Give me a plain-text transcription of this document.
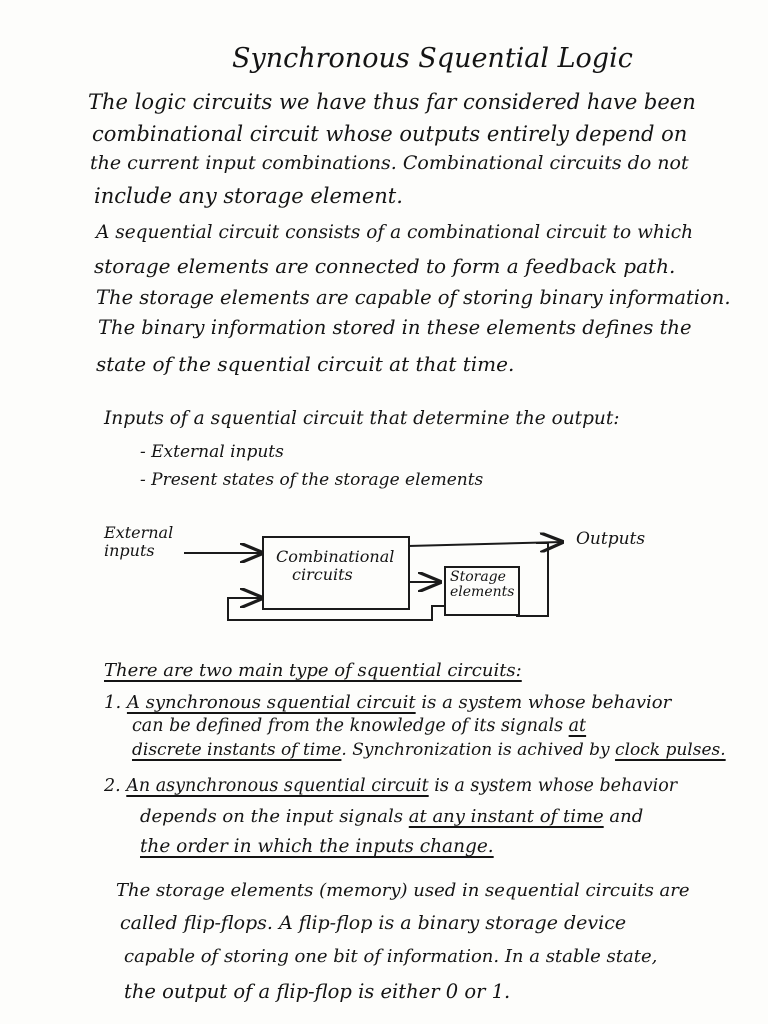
Synchronous Squential Logic
The logic circuits we have thus far considered have been
combinational circuit whose outputs entirely depend on
the current input combinations. Combinational circuits do not
include any storage element.
A sequential circuit consists of a combinational circuit to which
storage elements are connected to form a feedback path.
The storage elements are capable of storing binary information.
The binary information stored in these elements defines the
state of the squential circuit at that time.
Inputs of a squential circuit that determine the output:
- External inputs
- Present states of the storage elements
External
inputs	Combinational
circuits	Storage
elements
Outputs
There are two main type of squential circuits:
1. A synchronous squential circuit is a system whose behavior
can be defined from the knowledge of its signals at
discrete instants of time. Synchronization is achived by clock pulses.
2. An asynchronous squential circuit is a system whose behavior
depends on the input signals at any instant of time and
the order in which the inputs change.
The storage elements (memory) used in sequential circuits are
called flip-flops. A flip-flop is a binary storage device
capable of storing one bit of information. In a stable state,
the output of a flip-flop is either 0 or 1.
